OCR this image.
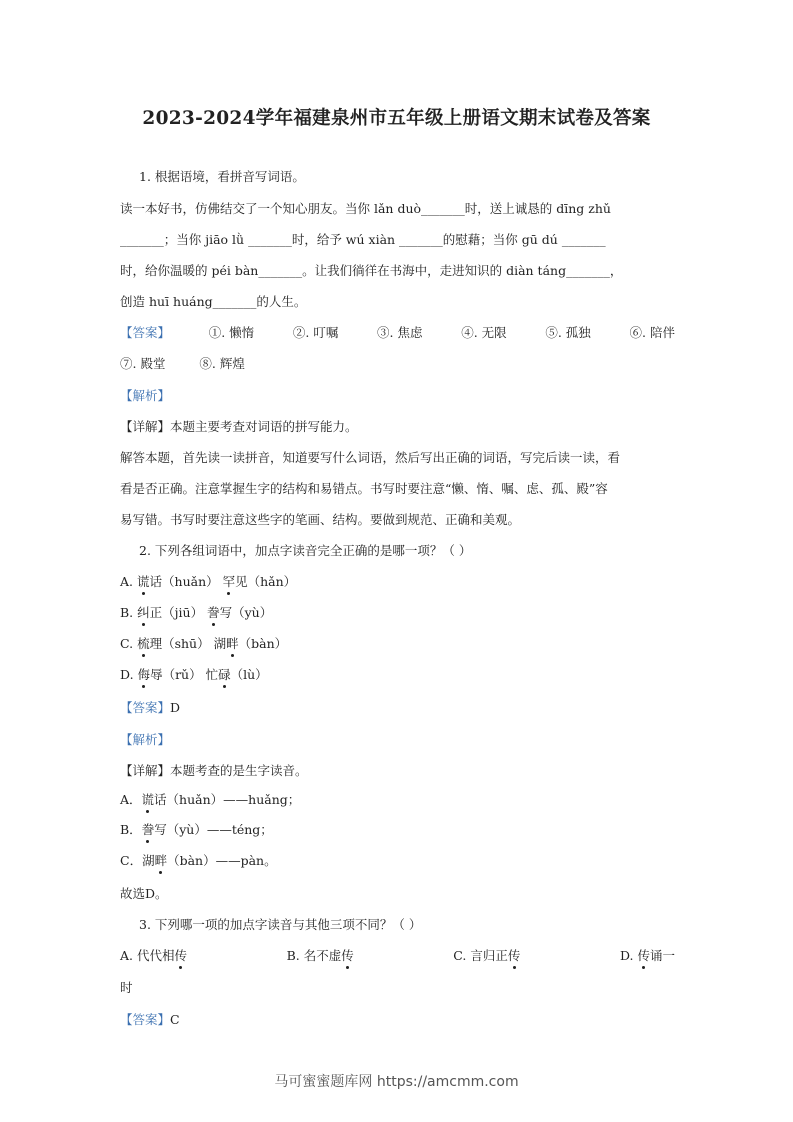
2023-2024学年福建泉州市五年级上册语文期末试卷及答案
1. 根据语境，看拼音写词语。
读一本好书，仿佛结交了一个知心朋友。当你 lǎn duò_______时，送上诚恳的 dīng zhǔ
_______；当你 jiāo lǜ _______时，给予 wú xiàn _______的慰藉；当你 gū dú _______
时，给你温暖的 péi bàn_______。让我们徜徉在书海中，走进知识的 diàn táng_______，
创造 huī huáng_______的人生。
【答案】	①. 懒惰	②. 叮嘱	③. 焦虑	④. 无限	⑤. 孤独	⑥. 陪伴
⑦. 殿堂	⑧. 辉煌
【解析】
【详解】本题主要考查对词语的拼写能力。
解答本题，首先读一读拼音，知道要写什么词语，然后写出正确的词语，写完后读一读，看
看是否正确。注意掌握生字的结构和易错点。书写时要注意“懒、惰、嘱、虑、孤、殿”容
易写错。书写时要注意这些字的笔画、结构。要做到规范、正确和美观。
2. 下列各组词语中，加点字读音完全正确的是哪一项？（ ）
A. 谎话（huǎn） 罕见（hǎn）
B. 纠正（jiū） 誊写（yù）
C. 梳理（shū） 湖畔（bàn）
D. 侮辱（rǔ） 忙碌（lù）
【答案】D
【解析】
【详解】本题考查的是生字读音。
A．谎话（huǎn）——huǎng；
B．誊写（yù）——téng；
C．湖畔（bàn）——pàn。
故选D。
3. 下列哪一项的加点字读音与其他三项不同？（ ）
A. 代代相传	B. 名不虚传	C. 言归正传	D. 传诵一
时
【答案】C
马可蜜蜜题库网 https://amcmm.com
